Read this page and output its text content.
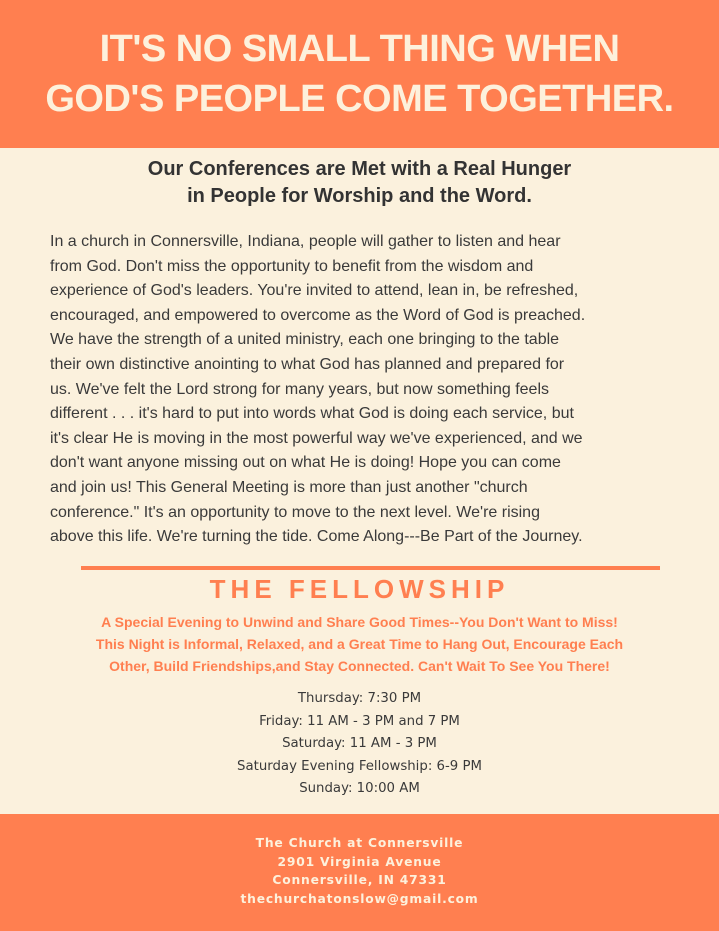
IT'S NO SMALL THING WHEN
GOD'S PEOPLE COME TOGETHER.
Our Conferences are Met with a Real Hunger
in People for Worship and the Word.
In a church in Connersville, Indiana, people will gather to listen and hear
from God. Don't miss the opportunity to benefit from the wisdom and
experience of God's leaders. You're invited to attend, lean in, be refreshed,
encouraged, and empowered to overcome as the Word of God is preached.
We have the strength of a united ministry, each one bringing to the table
their own distinctive anointing to what God has planned and prepared for
us. We've felt the Lord strong for many years, but now something feels
different . . . it's hard to put into words what God is doing each service, but
it's clear He is moving in the most powerful way we've experienced, and we
don't want anyone missing out on what He is doing! Hope you can come
and join us! This General Meeting is more than just another "church
conference." It's an opportunity to move to the next level. We're rising
above this life. We're turning the tide. Come Along---Be Part of the Journey.
THE FELLOWSHIP
A Special Evening to Unwind and Share Good Times--You Don't Want to Miss!
This Night is Informal, Relaxed, and a Great Time to Hang Out, Encourage Each
Other, Build Friendships,and Stay Connected. Can't Wait To See You There!
Thursday: 7:30 PM
Friday: 11 AM - 3 PM and 7 PM
Saturday: 11 AM - 3 PM
Saturday Evening Fellowship: 6-9 PM
Sunday: 10:00 AM
The Church at Connersville
2901 Virginia Avenue
Connersville, IN 47331
thechurchatonslow@gmail.com
